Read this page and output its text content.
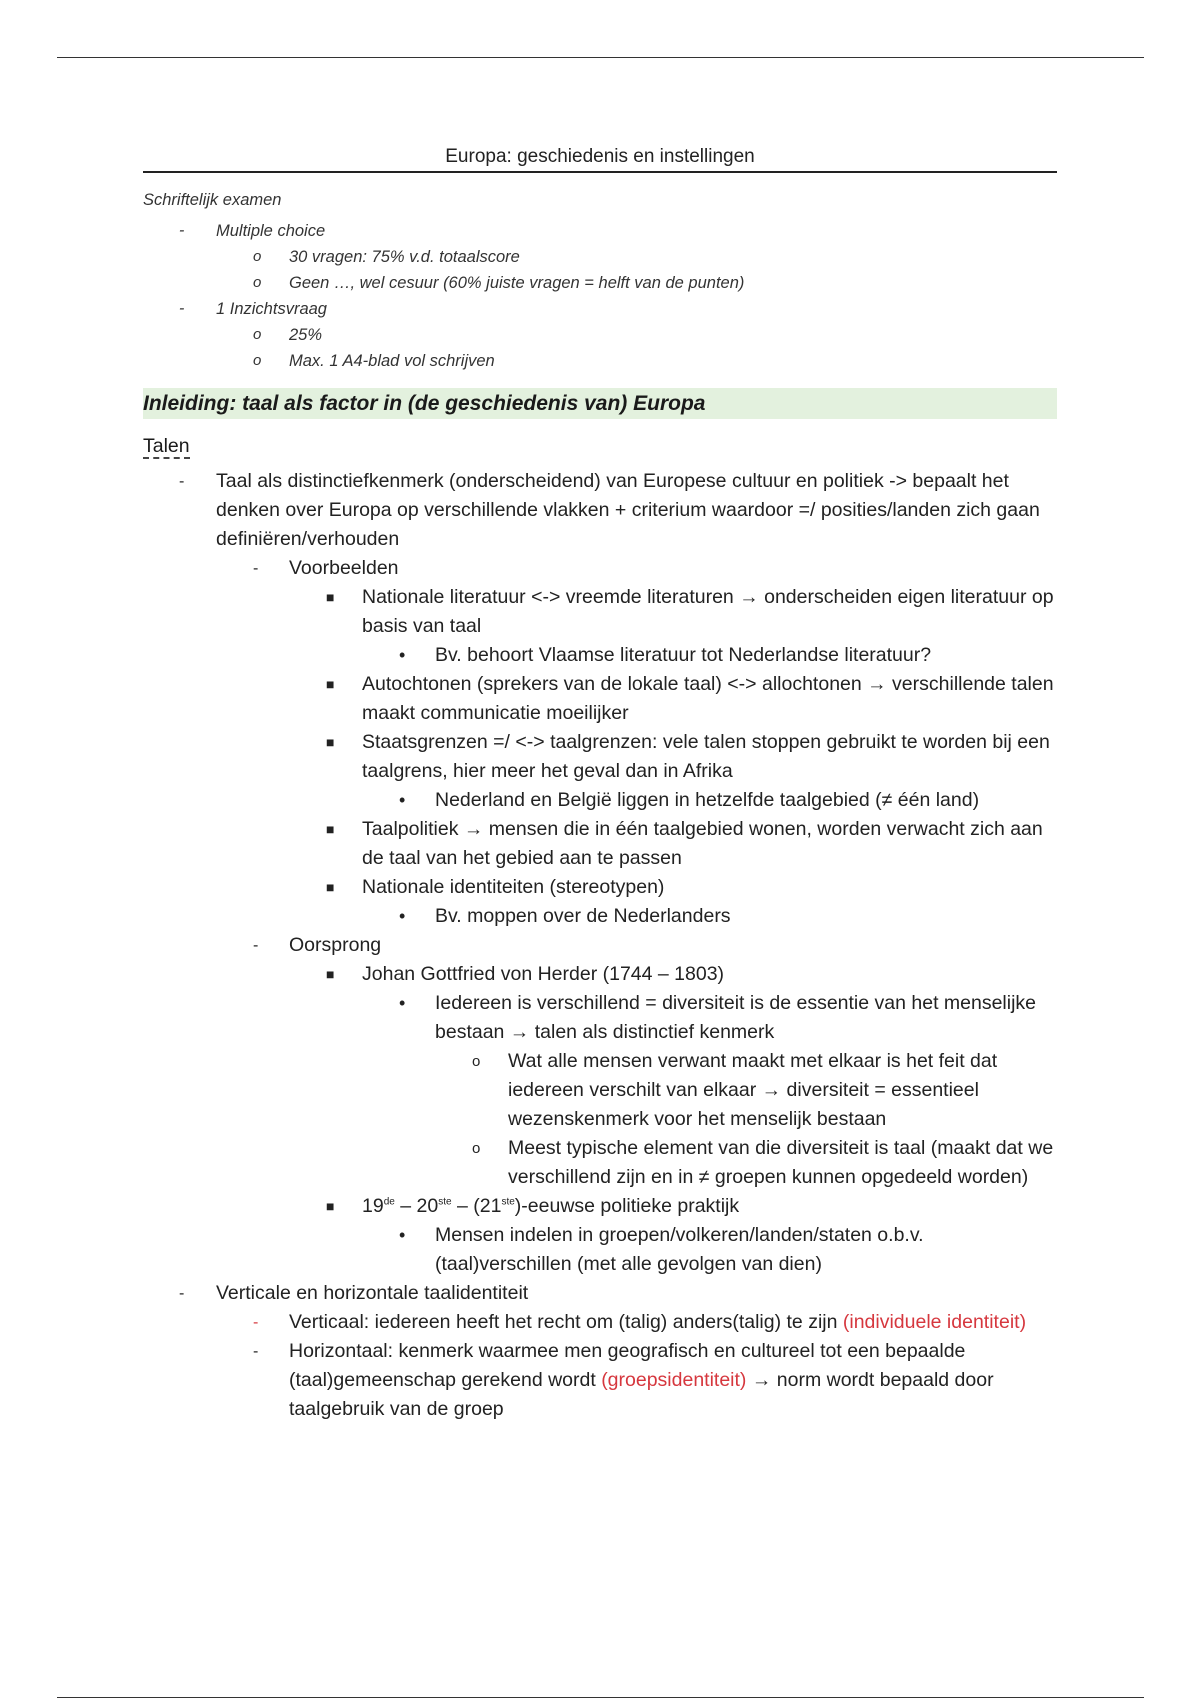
Europa: geschiedenis en instellingen
Schriftelijk examen
- Multiple choice
o 30 vragen: 75% v.d. totaalscore
o Geen …, wel cesuur (60% juiste vragen = helft van de punten)
- 1 Inzichtsvraag
o 25%
o Max. 1 A4-blad vol schrijven
Inleiding: taal als factor in (de geschiedenis van) Europa
Talen
- Taal als distinctiefkenmerk (onderscheidend) van Europese cultuur en politiek -> bepaalt het denken over Europa op verschillende vlakken + criterium waardoor =/ posities/landen zich gaan definiëren/verhouden
- Voorbeelden
■ Nationale literatuur <-> vreemde literaturen → onderscheiden eigen literatuur op basis van taal
• Bv. behoort Vlaamse literatuur tot Nederlandse literatuur?
■ Autochtonen (sprekers van de lokale taal) <-> allochtonen → verschillende talen maakt communicatie moeilijker
■ Staatsgrenzen =/ <-> taalgrenzen: vele talen stoppen gebruikt te worden bij een taalgrens, hier meer het geval dan in Afrika
• Nederland en België liggen in hetzelfde taalgebied (≠ één land)
■ Taalpolitiek → mensen die in één taalgebied wonen, worden verwacht zich aan de taal van het gebied aan te passen
■ Nationale identiteiten (stereotypen)
• Bv. moppen over de Nederlanders
- Oorsprong
■ Johan Gottfried von Herder (1744 – 1803)
• Iedereen is verschillend = diversiteit is de essentie van het menselijke bestaan → talen als distinctief kenmerk
o Wat alle mensen verwant maakt met elkaar is het feit dat iedereen verschilt van elkaar → diversiteit = essentieel wezenskenmerk voor het menselijk bestaan
o Meest typische element van die diversiteit is taal (maakt dat we verschillend zijn en in ≠ groepen kunnen opgedeeld worden)
■ 19de – 20ste – (21ste)-eeuwse politieke praktijk
• Mensen indelen in groepen/volkeren/landen/staten o.b.v. (taal)verschillen (met alle gevolgen van dien)
- Verticale en horizontale taalidentiteit
- Verticaal: iedereen heeft het recht om (talig) anders(talig) te zijn (individuele identiteit)
- Horizontaal: kenmerk waarmee men geografisch en cultureel tot een bepaalde (taal)gemeenschap gerekend wordt (groepsidentiteit) → norm wordt bepaald door taalgebruik van de groep
